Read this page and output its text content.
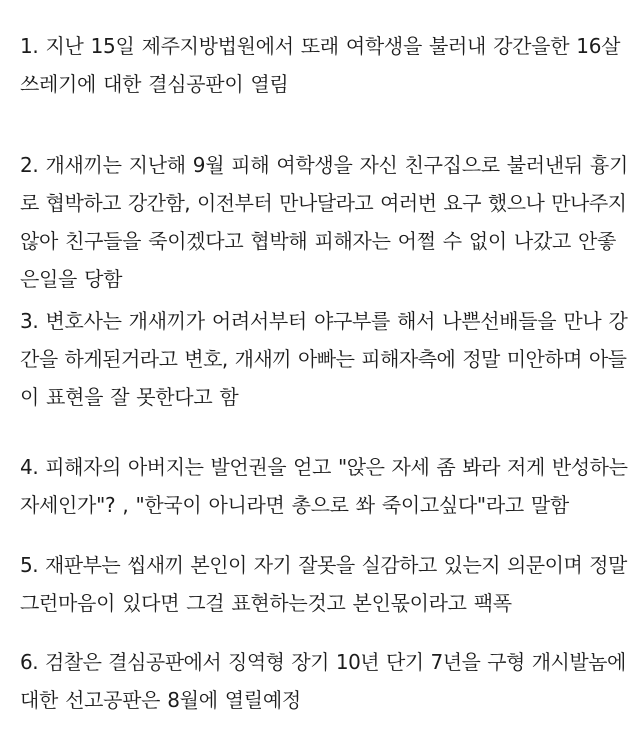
1. 지난 15일 제주지방법원에서 또래 여학생을 불러내 강간을한 16살
쓰레기에 대한 결심공판이 열림

2. 개새끼는 지난해 9월 피해 여학생을 자신 친구집으로 불러낸뒤 흉기
로 협박하고 강간함, 이전부터 만나달라고 여러번 요구 했으나 만나주지
않아 친구들을 죽이겠다고 협박해 피해자는 어쩔 수 없이 나갔고 안좋
은일을 당함

3. 변호사는 개새끼가 어려서부터 야구부를 해서 나쁜선배들을 만나 강
간을 하게된거라고 변호, 개새끼 아빠는 피해자측에 정말 미안하며 아들
이 표현을 잘 못한다고 함

4. 피해자의 아버지는 발언권을 얻고 "앉은 자세 좀 봐라 저게 반성하는
자세인가"? , "한국이 아니라면 총으로 쏴 죽이고싶다"라고 말함

5. 재판부는 씹새끼 본인이 자기 잘못을 실감하고 있는지 의문이며 정말
그런마음이 있다면 그걸 표현하는것고 본인몫이라고 팩폭

6. 검찰은 결심공판에서 징역형 장기 10년 단기 7년을 구형 개시발놈에
대한 선고공판은 8월에 열릴예정
